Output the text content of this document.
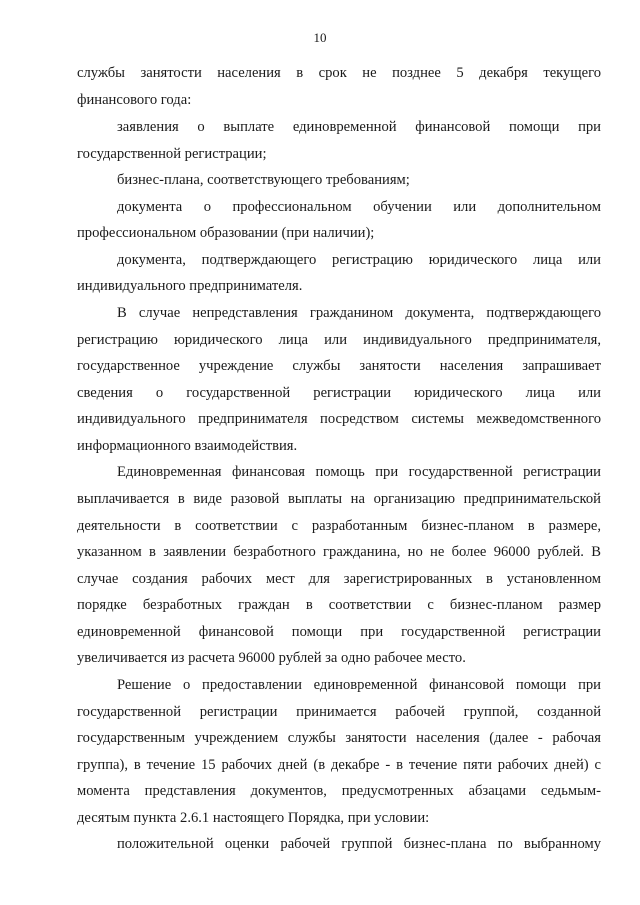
10
службы занятости населения в срок не позднее 5 декабря текущего
финансового года:
заявления о выплате единовременной финансовой помощи при
государственной регистрации;
бизнес-плана, соответствующего требованиям;
документа о профессиональном обучении или дополнительном
профессиональном образовании (при наличии);
документа, подтверждающего регистрацию юридического лица или
индивидуального предпринимателя.
В случае непредставления гражданином документа, подтверждающего
регистрацию юридического лица или индивидуального предпринимателя,
государственное учреждение службы занятости населения запрашивает
сведения о государственной регистрации юридического лица или
индивидуального предпринимателя посредством системы межведомственного
информационного взаимодействия.
Единовременная финансовая помощь при государственной регистрации
выплачивается в виде разовой выплаты на организацию предпринимательской
деятельности в соответствии с разработанным бизнес-планом в размере,
указанном в заявлении безработного гражданина, но не более 96000 рублей. В
случае создания рабочих мест для зарегистрированных в установленном
порядке безработных граждан в соответствии с бизнес-планом размер
единовременной финансовой помощи при государственной регистрации
увеличивается из расчета 96000 рублей за одно рабочее место.
Решение о предоставлении единовременной финансовой помощи при
государственной регистрации принимается рабочей группой, созданной
государственным учреждением службы занятости населения (далее - рабочая
группа), в течение 15 рабочих дней (в декабре - в течение пяти рабочих дней) с
момента представления документов, предусмотренных абзацами седьмым-
десятым пункта 2.6.1 настоящего Порядка, при условии:
положительной оценки рабочей группой бизнес-плана по выбранному
